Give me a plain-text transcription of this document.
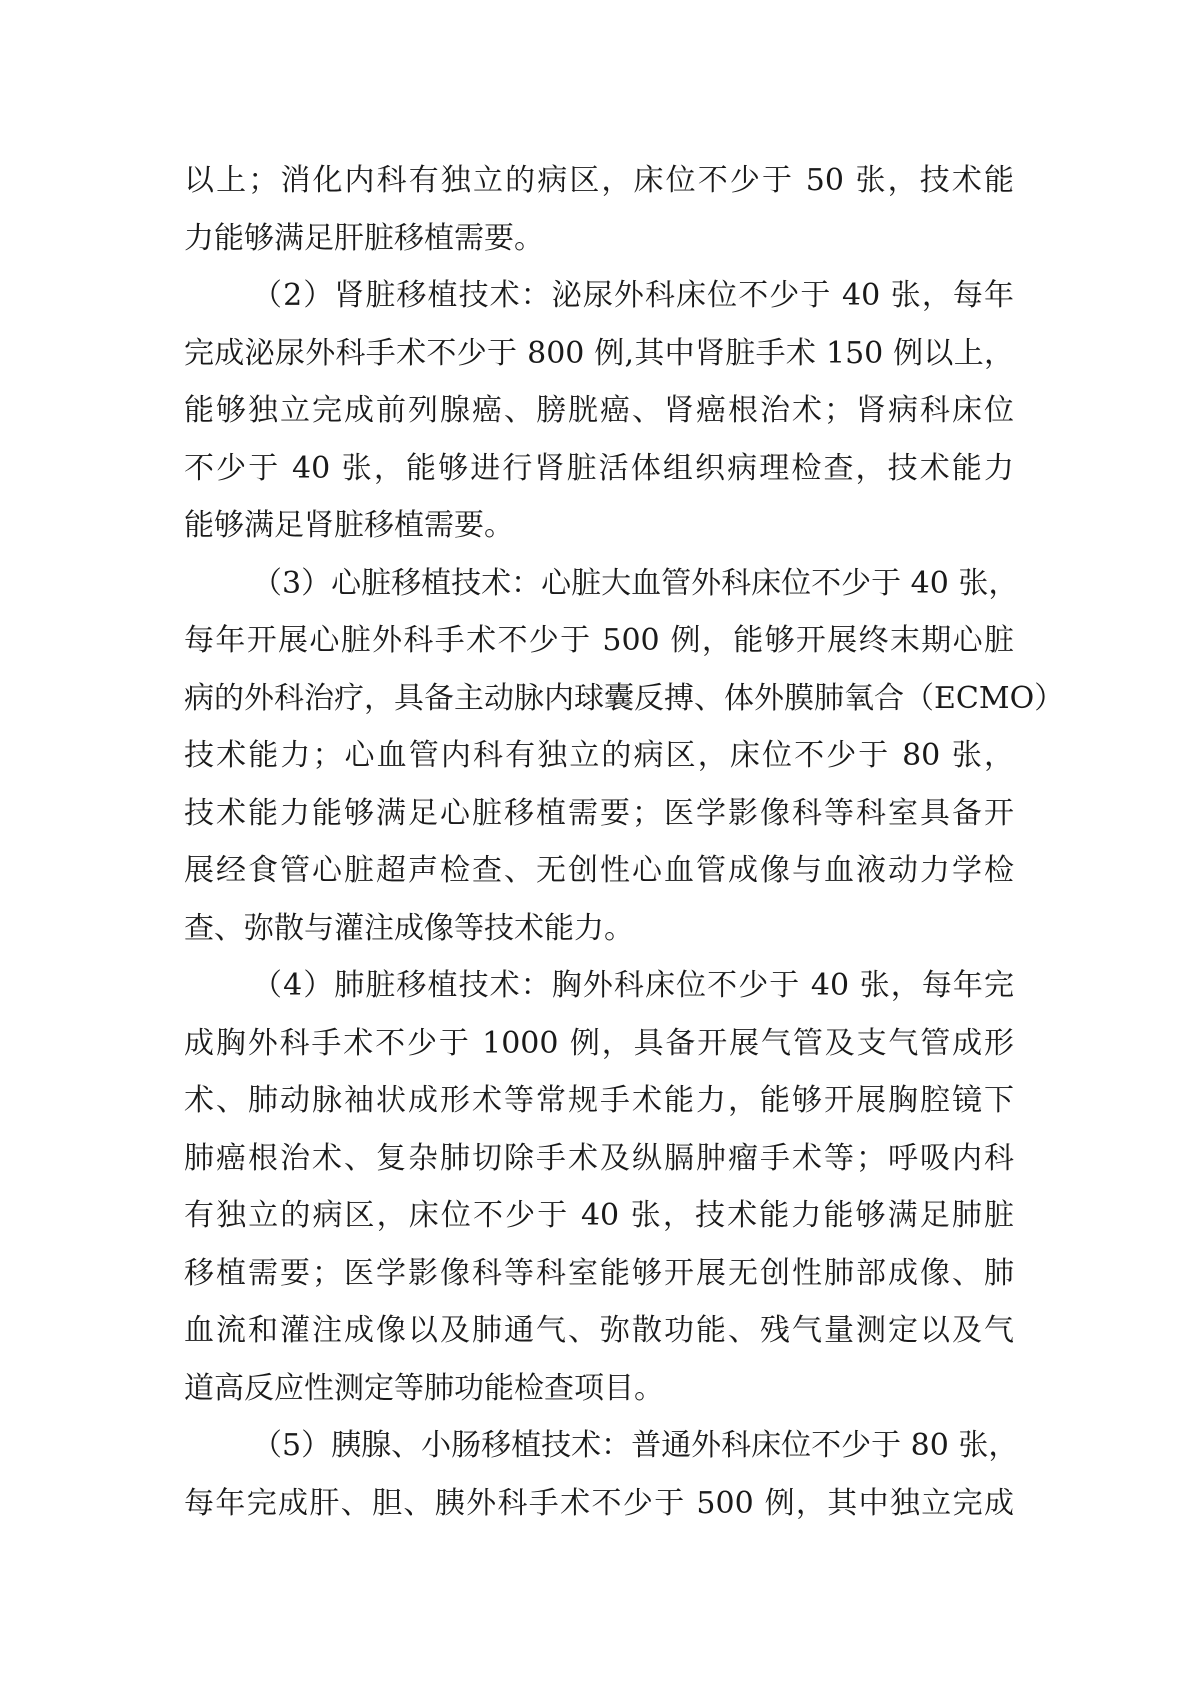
以上；消化内科有独立的病区，床位不少于 50 张，技术能
力能够满足肝脏移植需要。
（2）肾脏移植技术：泌尿外科床位不少于 40 张，每年
完成泌尿外科手术不少于 800 例,其中肾脏手术 150 例以上，
能够独立完成前列腺癌、膀胱癌、肾癌根治术；肾病科床位
不少于 40 张，能够进行肾脏活体组织病理检查，技术能力
能够满足肾脏移植需要。
（3）心脏移植技术：心脏大血管外科床位不少于 40 张，
每年开展心脏外科手术不少于 500 例，能够开展终末期心脏
病的外科治疗，具备主动脉内球囊反搏、体外膜肺氧合（ECMO）
技术能力；心血管内科有独立的病区，床位不少于 80 张，
技术能力能够满足心脏移植需要；医学影像科等科室具备开
展经食管心脏超声检查、无创性心血管成像与血液动力学检
查、弥散与灌注成像等技术能力。
（4）肺脏移植技术：胸外科床位不少于 40 张，每年完
成胸外科手术不少于 1000 例，具备开展气管及支气管成形
术、肺动脉袖状成形术等常规手术能力，能够开展胸腔镜下
肺癌根治术、复杂肺切除手术及纵膈肿瘤手术等；呼吸内科
有独立的病区，床位不少于 40 张，技术能力能够满足肺脏
移植需要；医学影像科等科室能够开展无创性肺部成像、肺
血流和灌注成像以及肺通气、弥散功能、残气量测定以及气
道高反应性测定等肺功能检查项目。
（5）胰腺、小肠移植技术：普通外科床位不少于 80 张，
每年完成肝、胆、胰外科手术不少于 500 例，其中独立完成
